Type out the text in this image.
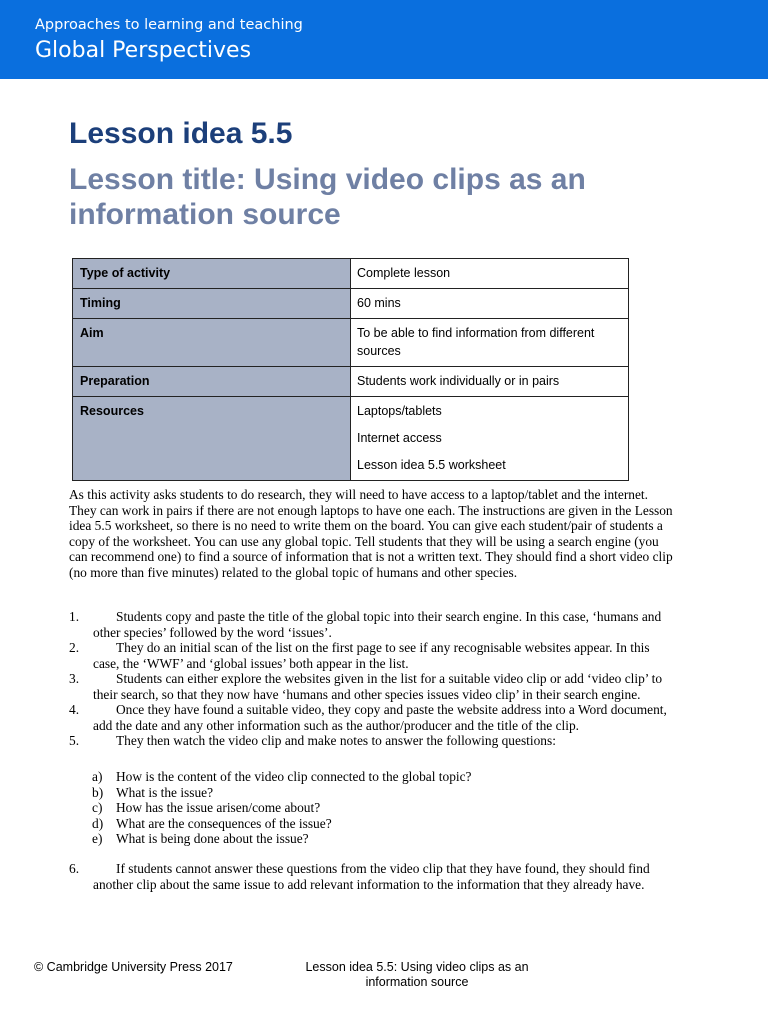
Approaches to learning and teaching
Global Perspectives
Lesson idea 5.5
Lesson title: Using video clips as an information source
Type of activity	Complete lesson

Timing	60 mins

Aim	To be able to find information from different sources

Preparation	Students work individually or in pairs

Resources	Laptops/tablets

Internet access

Lesson idea 5.5 worksheet

As this activity asks students to do research, they will need to have access to a laptop/tablet and the internet. They can work in pairs if there are not enough laptops to have one each. The instructions are given in the Lesson idea 5.5 worksheet, so there is no need to write them on the board. You can give each student/pair of students a copy of the worksheet. You can use any global topic. Tell students that they will be using a search engine (you can recommend one) to find a source of information that is not a written text. They should find a short video clip (no more than five minutes) related to the global topic of humans and other species.
1.	Students copy and paste the title of the global topic into their search engine. In this case, ‘humans and other species’ followed by the word ‘issues’.
2.	They do an initial scan of the list on the first page to see if any recognisable websites appear. In this case, the ‘WWF’ and ‘global issues’ both appear in the list.
3.	Students can either explore the websites given in the list for a suitable video clip or add ‘video clip’ to their search, so that they now have ‘humans and other species issues video clip’ in their search engine.
4.	Once they have found a suitable video, they copy and paste the website address into a Word document, add the date and any other information such as the author/producer and the title of the clip.
5.	They then watch the video clip and make notes to answer the following questions:
a) How is the content of the video clip connected to the global topic?
b) What is the issue?
c) How has the issue arisen/come about?
d) What are the consequences of the issue?
e) What is being done about the issue?
6.	If students cannot answer these questions from the video clip that they have found, they should find another clip about the same issue to add relevant information to the information that they already have.
© Cambridge University Press 2017	Lesson idea 5.5: Using video clips as an information source
